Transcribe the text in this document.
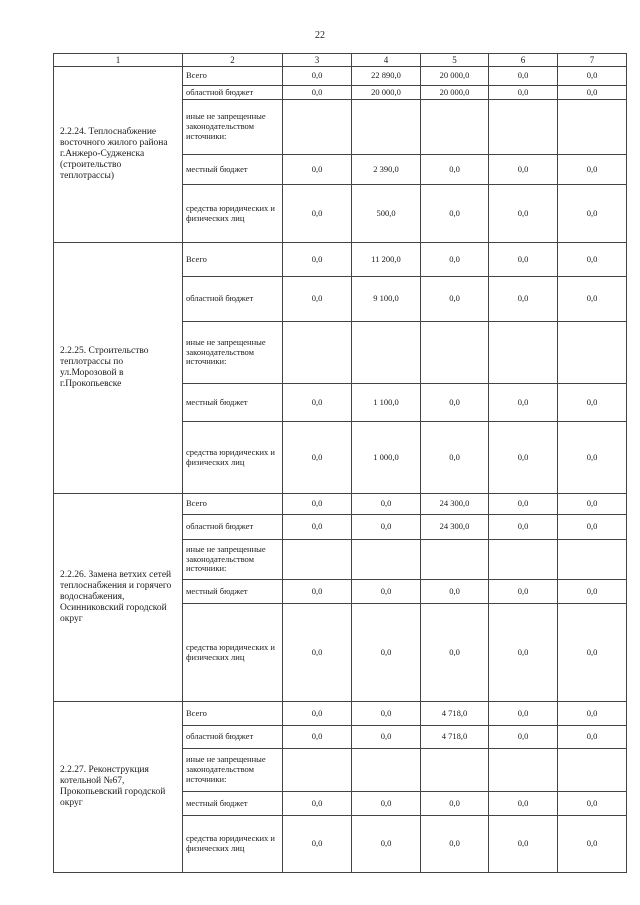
22
1	2	3	4	5	6	7
2.2.24. Теплоснабжение восточного жилого района г.Анжеро-Судженска (строительство теплотрассы)	Всего	0,0	22 890,0	20 000,0	0,0	0,0
	областной бюджет	0,0	20 000,0	20 000,0	0,0	0,0
	иные не запрещенные законодательством источники:					
	местный бюджет	0,0	2 390,0	0,0	0,0	0,0
	средства юридических и физических лиц	0,0	500,0	0,0	0,0	0,0
2.2.25. Строительство теплотрассы по ул.Морозовой в г.Прокопьевске	Всего	0,0	11 200,0	0,0	0,0	0,0
	областной бюджет	0,0	9 100,0	0,0	0,0	0,0
	иные не запрещенные законодательством источники:					
	местный бюджет	0,0	1 100,0	0,0	0,0	0,0
	средства юридических и физических лиц	0,0	1 000,0	0,0	0,0	0,0
2.2.26. Замена ветхих сетей теплоснабжения и горячего водоснабжения, Осинниковский городской округ	Всего	0,0	0,0	24 300,0	0,0	0,0
	областной бюджет	0,0	0,0	24 300,0	0,0	0,0
	иные не запрещенные законодательством источники:					
	местный бюджет	0,0	0,0	0,0	0,0	0,0
	средства юридических и физических лиц	0,0	0,0	0,0	0,0	0,0
2.2.27. Реконструкция котельной №67, Прокопьевский городской округ	Всего	0,0	0,0	4 718,0	0,0	0,0
	областной бюджет	0,0	0,0	4 718,0	0,0	0,0
	иные не запрещенные законодательством источники:					
	местный бюджет	0,0	0,0	0,0	0,0	0,0
	средства юридических и физических лиц	0,0	0,0	0,0	0,0	0,0
